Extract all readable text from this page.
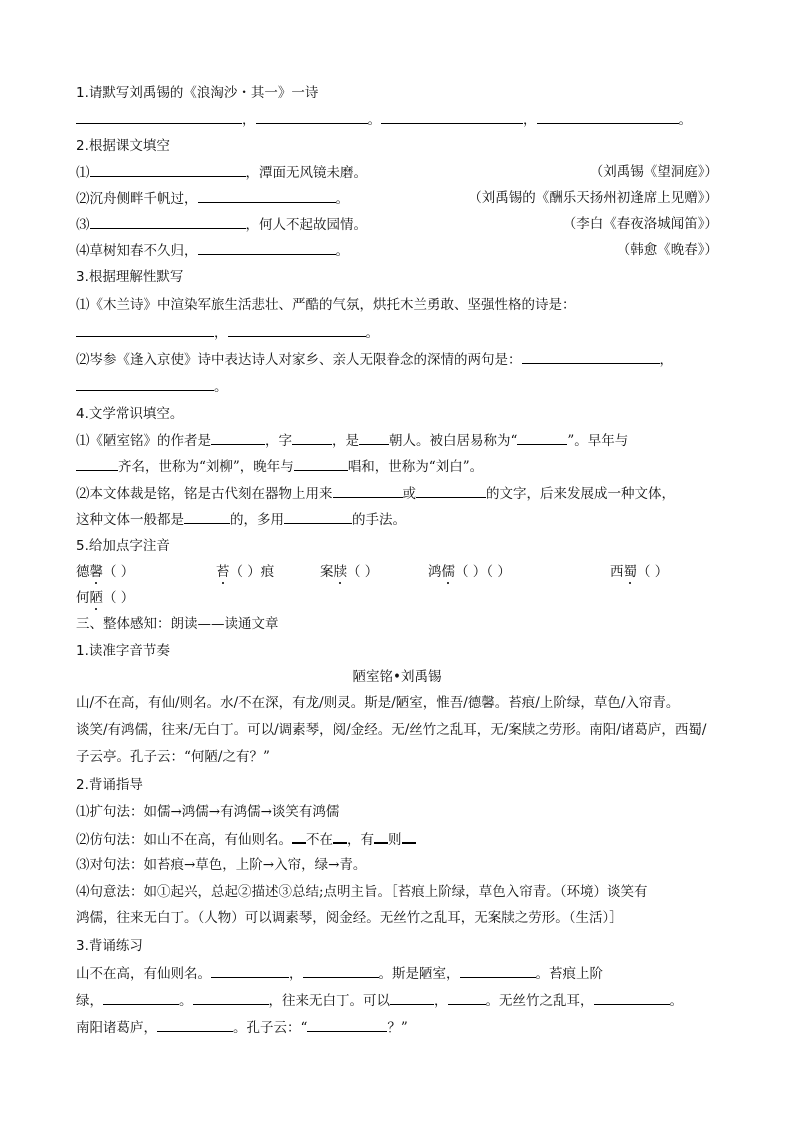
1.请默写刘禹锡的《浪淘沙・其一》一诗
，	。	，	。
2.根据课文填空
⑴	，潭面无风镜未磨。	（刘禹锡《望洞庭》）
⑵沉舟侧畔千帆过，	。	（刘禹锡的《酬乐天扬州初逢席上见赠》）
⑶	，何人不起故园情。	（李白《春夜洛城闻笛》）
⑷草树知春不久归，	。	（韩愈《晚春》）
3.根据理解性默写
⑴《木兰诗》中渲染军旅生活悲壮、严酷的气氛，烘托木兰勇敢、坚强性格的诗是：
，	。
⑵岑参《逢入京使》诗中表达诗人对家乡、亲人无限眷念的深情的两句是：	，
。
4.文学常识填空。
⑴《陋室铭》的作者是	，字	，是 朝人。被白居易称为“	”。早年与
齐名，世称为“刘柳”，晚年与	唱和，世称为“刘白”。
⑵本文体裁是铭，铭是古代刻在器物上用来	或	的文字，后来发展成一种文体，
这种文体一般都是	的，多用	的手法。
5.给加点字注音
德馨（ ）	苔（ ）痕	案牍（ ）	鸿儒（ ）（ ）	西蜀（ ）
何陋（ ）
三、整体感知：朗读——读通文章
1.读准字音节奏
陋室铭•刘禹锡
山/不在高，有仙/则名。水/不在深，有龙/则灵。斯是/陋室，惟吾/德馨。苔痕/上阶绿，草色/入帘青。
谈笑/有鸿儒，往来/无白丁。可以/调素琴，阅/金经。无/丝竹之乱耳，无/案牍之劳形。南阳/诸葛庐，西蜀/
子云亭。孔子云：“何陋/之有？”
2.背诵指导
⑴扩句法：如儒→鸿儒→有鸿儒→谈笑有鸿儒
⑵仿句法：如山不在高，有仙则名。 不在 ，有 则
⑶对句法：如苔痕→草色，上阶→入帘，绿→青。
⑷句意法：如①起兴，总起②描述③总结;点明主旨。［苔痕上阶绿，草色入帘青。（环境）谈笑有
鸿儒，往来无白丁。（人物）可以调素琴，阅金经。无丝竹之乱耳，无案牍之劳形。（生活）］
3.背诵练习
山不在高，有仙则名。	，	。斯是陋室，	。苔痕上阶
绿，	。	，往来无白丁。可以	，	。无丝竹之乱耳，	。
南阳诸葛庐，	。孔子云：“	？”
